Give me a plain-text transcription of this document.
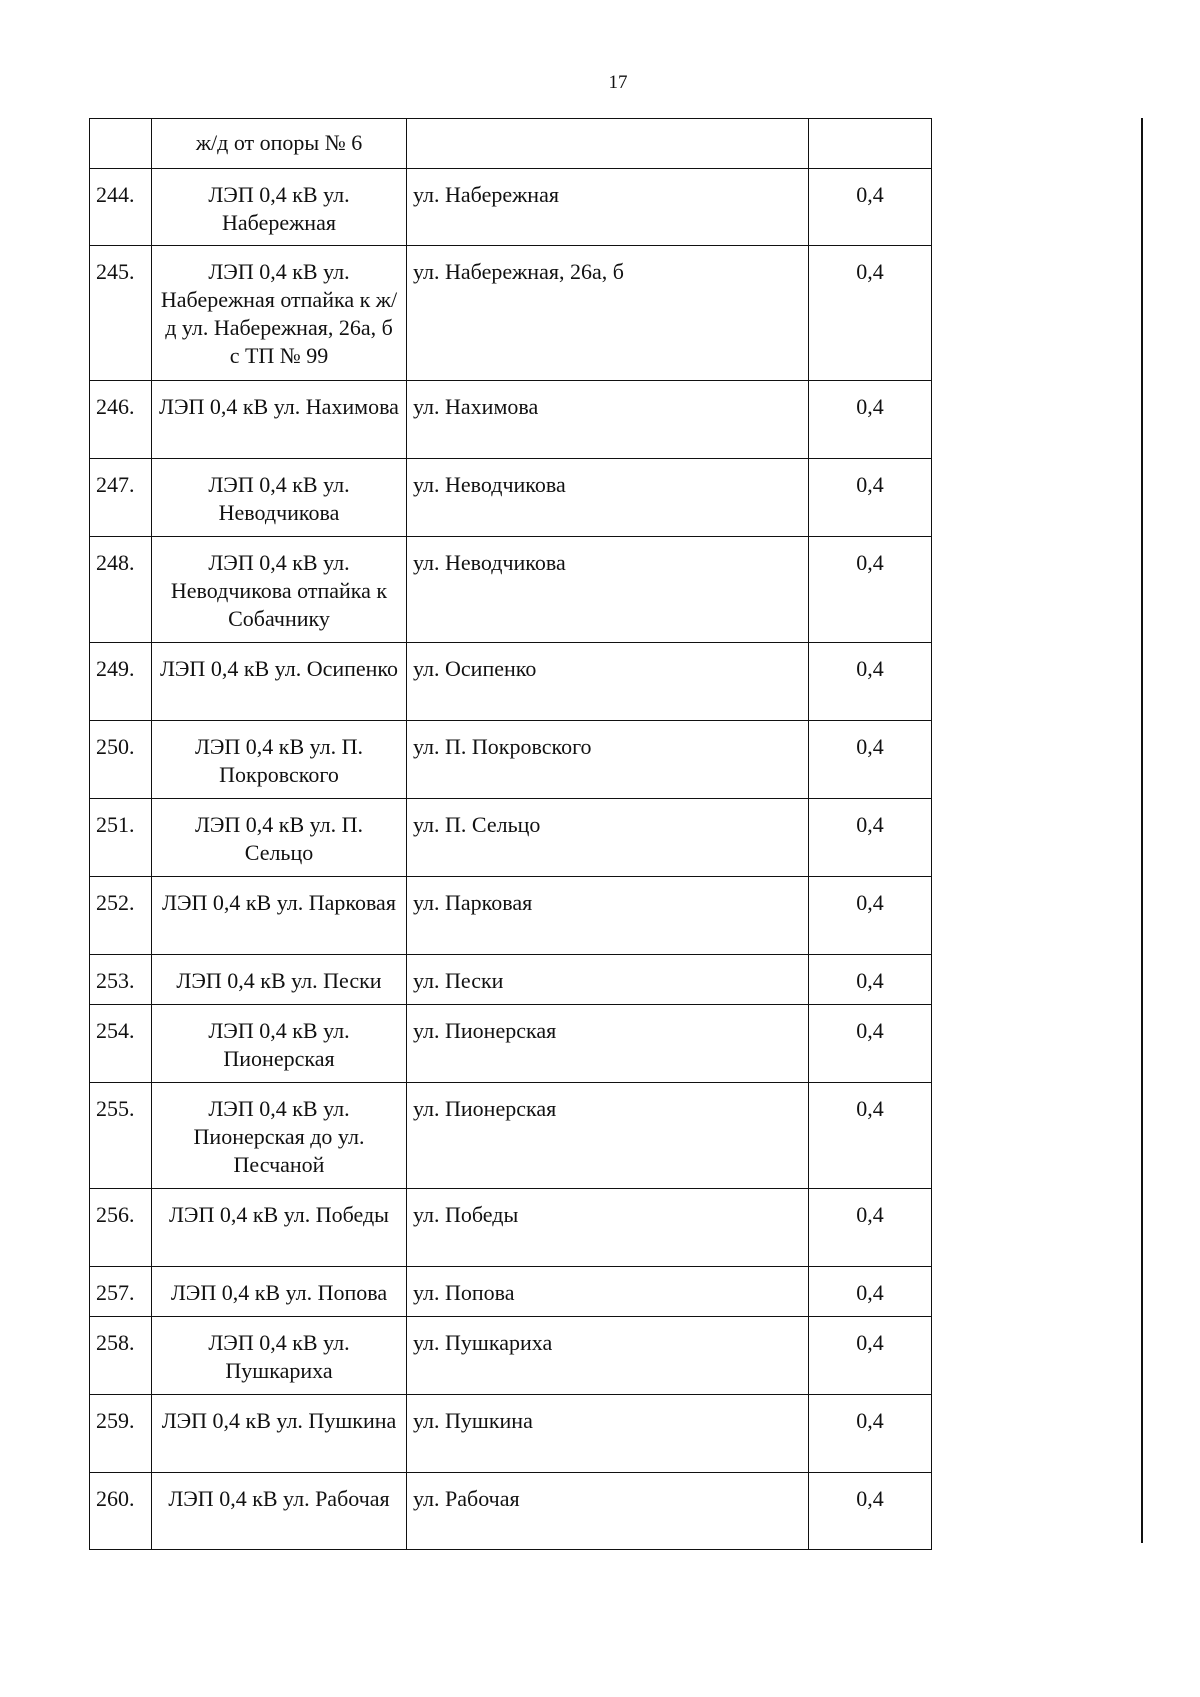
17
	ж/д от опоры № 6		
244.	ЛЭП 0,4 кВ ул. Набережная	ул. Набережная	0,4
245.	ЛЭП 0,4 кВ ул. Набережная отпайка к ж/д ул. Набережная, 26а, б с ТП № 99	ул. Набережная, 26а, б	0,4
246.	ЛЭП 0,4 кВ ул. Нахимова	ул. Нахимова	0,4
247.	ЛЭП 0,4 кВ ул. Неводчикова	ул. Неводчикова	0,4
248.	ЛЭП 0,4 кВ ул. Неводчикова отпайка к Собачнику	ул. Неводчикова	0,4
249.	ЛЭП 0,4 кВ ул. Осипенко	ул. Осипенко	0,4
250.	ЛЭП 0,4 кВ ул. П. Покровского	ул. П. Покровского	0,4
251.	ЛЭП 0,4 кВ ул. П. Сельцо	ул. П. Сельцо	0,4
252.	ЛЭП 0,4 кВ ул. Парковая	ул. Парковая	0,4
253.	ЛЭП 0,4 кВ ул. Пески	ул. Пески	0,4
254.	ЛЭП 0,4 кВ ул. Пионерская	ул. Пионерская	0,4
255.	ЛЭП 0,4 кВ ул. Пионерская до ул. Песчаной	ул. Пионерская	0,4
256.	ЛЭП 0,4 кВ ул. Победы	ул. Победы	0,4
257.	ЛЭП 0,4 кВ ул. Попова	ул. Попова	0,4
258.	ЛЭП 0,4 кВ ул. Пушкариха	ул. Пушкариха	0,4
259.	ЛЭП 0,4 кВ ул. Пушкина	ул. Пушкина	0,4
260.	ЛЭП 0,4 кВ ул. Рабочая	ул. Рабочая	0,4
